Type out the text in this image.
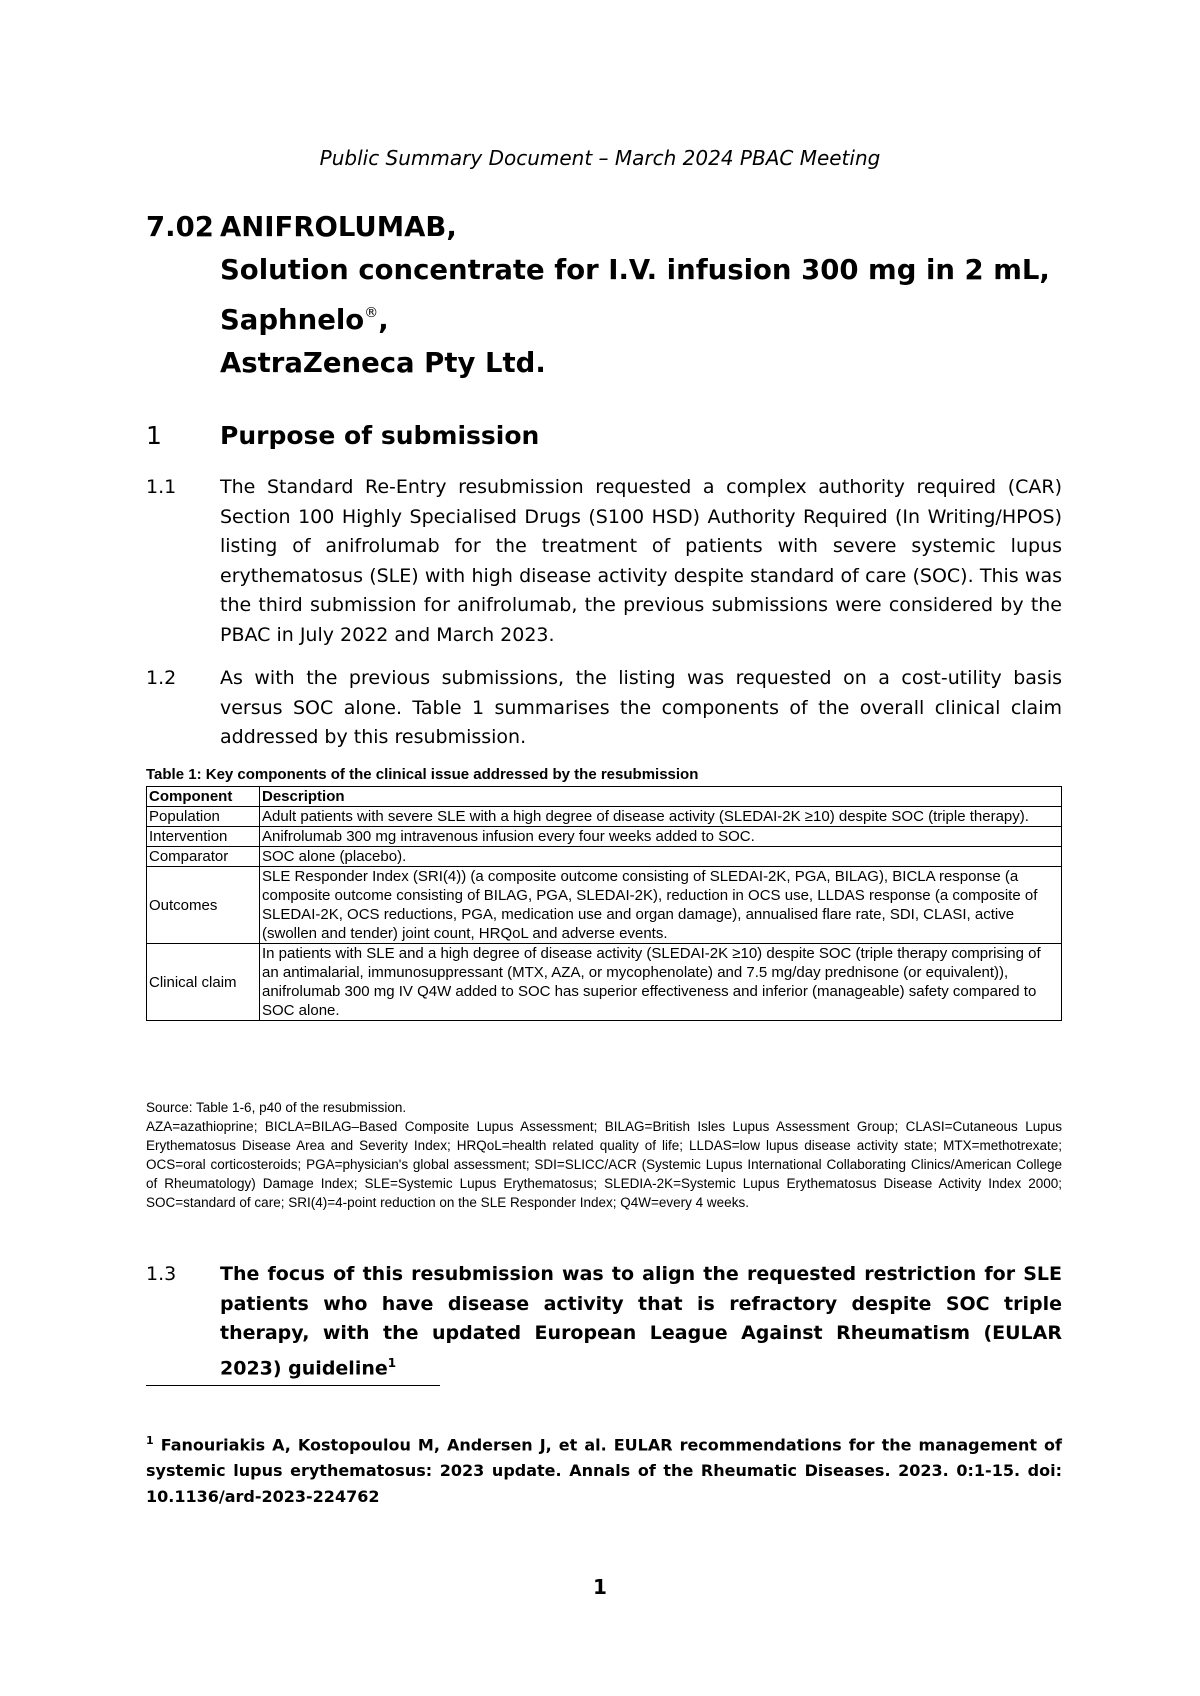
Public Summary Document – March 2024 PBAC Meeting
7.02 ANIFROLUMAB,
Solution concentrate for I.V. infusion 300 mg in 2 mL,
Saphnelo®,
AstraZeneca Pty Ltd.
1	Purpose of submission
1.1	The Standard Re-Entry resubmission requested a complex authority required (CAR) Section 100 Highly Specialised Drugs (S100 HSD) Authority Required (In Writing/HPOS) listing of anifrolumab for the treatment of patients with severe systemic lupus erythematosus (SLE) with high disease activity despite standard of care (SOC). This was the third submission for anifrolumab, the previous submissions were considered by the PBAC in July 2022 and March 2023.
1.2	As with the previous submissions, the listing was requested on a cost-utility basis versus SOC alone. Table 1 summarises the components of the overall clinical claim addressed by this resubmission.
Table 1: Key components of the clinical issue addressed by the resubmission
Component	Description
Population	Adult patients with severe SLE with a high degree of disease activity (SLEDAI-2K ≥10) despite SOC (triple therapy).
Intervention	Anifrolumab 300 mg intravenous infusion every four weeks added to SOC.
Comparator	SOC alone (placebo).
Outcomes	SLE Responder Index (SRI(4)) (a composite outcome consisting of SLEDAI-2K, PGA, BILAG), BICLA response (a composite outcome consisting of BILAG, PGA, SLEDAI-2K), reduction in OCS use, LLDAS response (a composite of SLEDAI-2K, OCS reductions, PGA, medication use and organ damage), annualised flare rate, SDI, CLASI, active (swollen and tender) joint count, HRQoL and adverse events.
Clinical claim	In patients with SLE and a high degree of disease activity (SLEDAI-2K ≥10) despite SOC (triple therapy comprising of an antimalarial, immunosuppressant (MTX, AZA, or mycophenolate) and 7.5 mg/day prednisone (or equivalent)), anifrolumab 300 mg IV Q4W added to SOC has superior effectiveness and inferior (manageable) safety compared to SOC alone.
Source: Table 1-6, p40 of the resubmission.
AZA=azathioprine; BICLA=BILAG–Based Composite Lupus Assessment; BILAG=British Isles Lupus Assessment Group; CLASI=Cutaneous Lupus Erythematosus Disease Area and Severity Index; HRQoL=health related quality of life; LLDAS=low lupus disease activity state; MTX=methotrexate; OCS=oral corticosteroids; PGA=physician's global assessment; SDI=SLICC/ACR (Systemic Lupus International Collaborating Clinics/American College of Rheumatology) Damage Index; SLE=Systemic Lupus Erythematosus; SLEDIA-2K=Systemic Lupus Erythematosus Disease Activity Index 2000; SOC=standard of care; SRI(4)=4-point reduction on the SLE Responder Index; Q4W=every 4 weeks.
1.3	The focus of this resubmission was to align the requested restriction for SLE patients who have disease activity that is refractory despite SOC triple therapy, with the updated European League Against Rheumatism (EULAR 2023) guideline$^1$
$^1$ Fanouriakis A, Kostopoulou M, Andersen J, et al. EULAR recommendations for the management of systemic lupus erythematosus: 2023 update. Annals of the Rheumatic Diseases. 2023. 0:1-15. doi: 10.1136/ard-2023-224762
1
